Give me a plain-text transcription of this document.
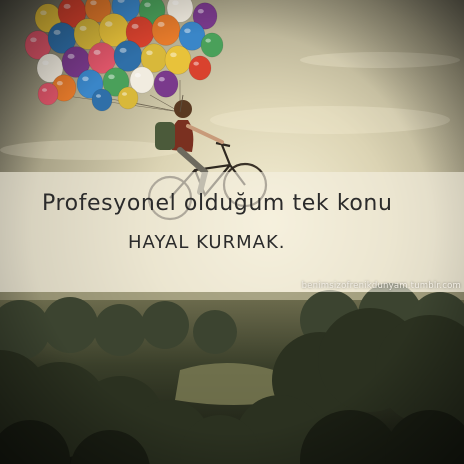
Profesyonel olduğum tek konu
HAYAL KURMAK.
benimsizofrenikdunyam.tumblr.com
